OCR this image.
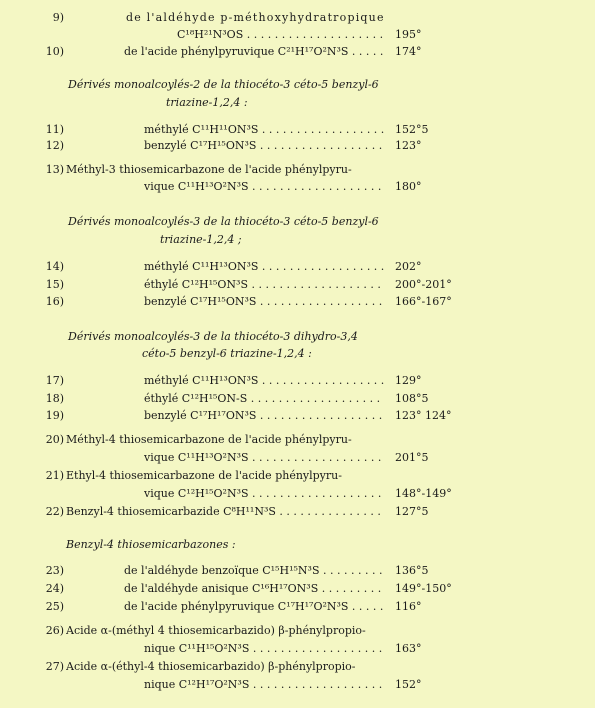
9)	de l'aldéhyde p-méthoxyhydratropique
C¹⁸H²¹N³OS . . .	195°
10)	de l'acide phénylpyruvique C²¹H¹⁷O²N³S . . .	174°
Dérivés monoalcoylés-2 de la thiocéto-3 céto-5 benzyl-6
triazine-1,2,4 :
11)	méthylé C¹¹H¹¹ON³S . . .	152°5
12)	benzylé C¹⁷H¹⁵ON³S . . .	123°
13) Méthyl-3 thiosemicarbazone de l'acide phénylpyru-
vique C¹¹H¹³O²N³S . . .	180°
Dérivés monoalcoylés-3 de la thiocéto-3 céto-5 benzyl-6
triazine-1,2,4 ;
14)	méthylé C¹¹H¹³ON³S . . .	202°
15)	éthylé C¹²H¹⁵ON³S . . .	200°-201°
16)	benzylé C¹⁷H¹⁵ON³S . . .	166°-167°
Dérivés monoalcoylés-3 de la thiocéto-3 dihydro-3,4
céto-5 benzyl-6 triazine-1,2,4 :
17)	méthylé C¹¹H¹³ON³S . . .	129°
18)	éthylé C¹²H¹⁵ON-S . . .	108°5
19)	benzylé C¹⁷H¹⁷ON³S . . .	123° 124°
20) Méthyl-4 thiosemicarbazone de l'acide phénylpyru-
vique C¹¹H¹³O²N³S . . .	201°5
21) Ethyl-4 thiosemicarbazone de l'acide phénylpyru-
vique C¹²H¹⁵O²N³S . . .	148°-149°
22) Benzyl-4 thiosemicarbazide C⁸H¹¹N³S . . .	127°5
Benzyl-4 thiosemicarbazones :
23)	de l'aldéhyde benzoïque C¹⁵H¹⁵N³S . . .	136°5
24)	de l'aldéhyde anisique C¹⁶H¹⁷ON³S . . .	149°-150°
25)	de l'acide phénylpyruvique C¹⁷H¹⁷O²N³S . . .	116°
26) Acide α-(méthyl 4 thiosemicarbazido) β-phénylpropio-
nique C¹¹H¹⁵O²N³S . . .	163°
27) Acide α-(éthyl-4 thiosemicarbazido) β-phénylpropio-
nique C¹²H¹⁷O²N³S . . .	152°
